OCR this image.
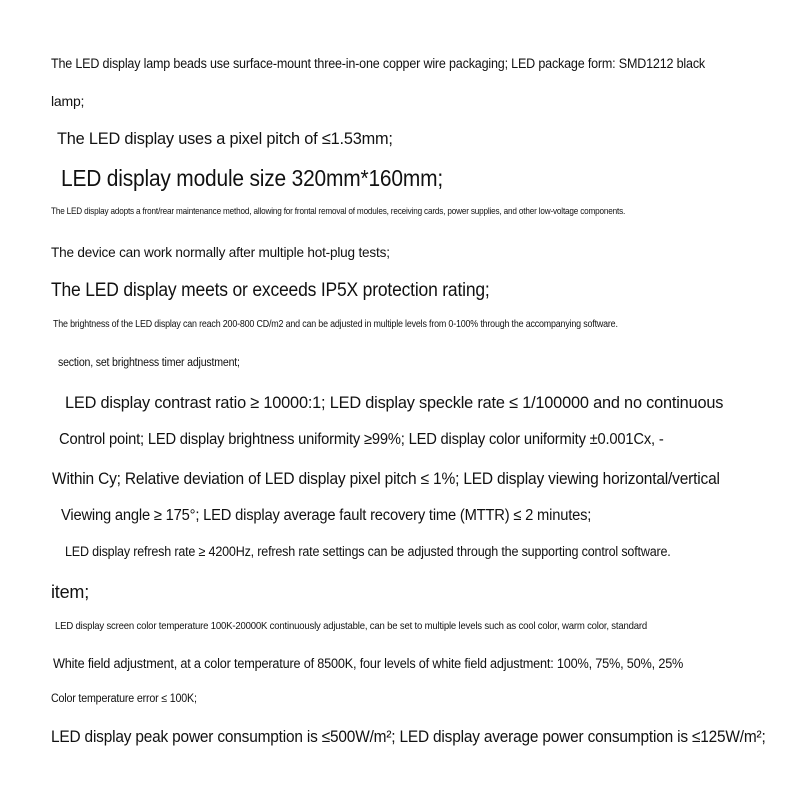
The LED display lamp beads use surface-mount three-in-one copper wire packaging; LED package form: SMD1212 black
lamp;
The LED display uses a pixel pitch of ≤1.53mm;
LED display module size 320mm*160mm;
The LED display adopts a front/rear maintenance method, allowing for frontal removal of modules, receiving cards, power supplies, and other low-voltage components.
The device can work normally after multiple hot-plug tests;
The LED display meets or exceeds IP5X protection rating;
The brightness of the LED display can reach 200-800 CD/m2 and can be adjusted in multiple levels from 0-100% through the accompanying software.
section, set brightness timer adjustment;
LED display contrast ratio ≥ 10000:1; LED display speckle rate ≤ 1/100000 and no continuous
Control point; LED display brightness uniformity ≥99%; LED display color uniformity ±0.001Cx, -
Within Cy; Relative deviation of LED display pixel pitch ≤ 1%; LED display viewing horizontal/vertical
Viewing angle ≥ 175°; LED display average fault recovery time (MTTR) ≤ 2 minutes;
LED display refresh rate ≥ 4200Hz, refresh rate settings can be adjusted through the supporting control software.
item;
LED display screen color temperature 100K-20000K continuously adjustable, can be set to multiple levels such as cool color, warm color, standard
White field adjustment, at a color temperature of 8500K, four levels of white field adjustment: 100%, 75%, 50%, 25%
Color temperature error ≤ 100K;
LED display peak power consumption is ≤500W/m²; LED display average power consumption is ≤125W/m²;
